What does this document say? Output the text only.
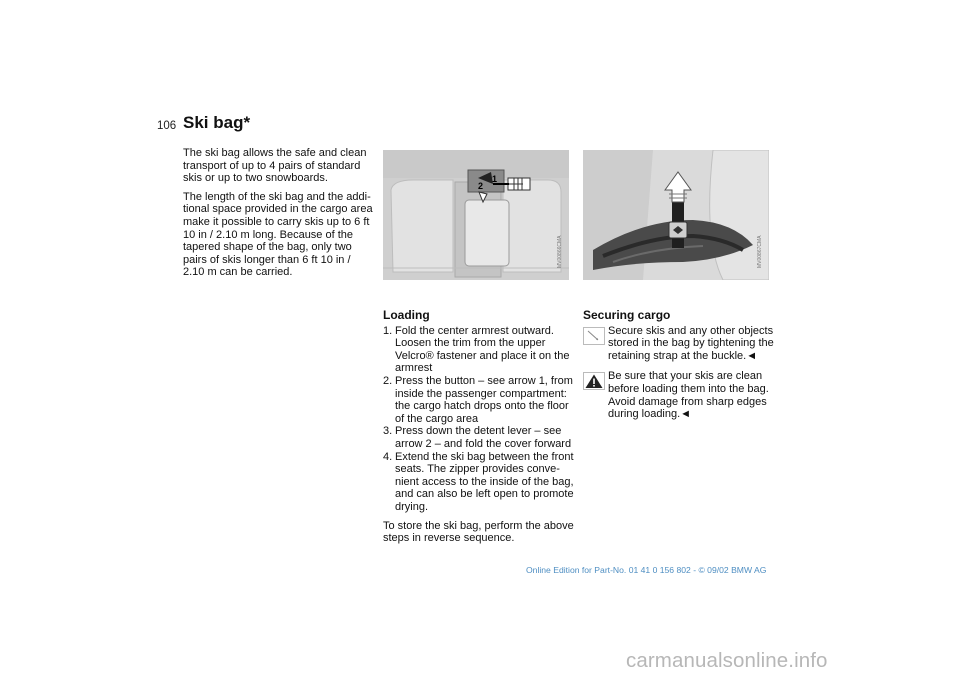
106 Ski bag*

The ski bag allows the safe and clean transport of up to 4 pairs of standard skis or up to two snowboards.

The length of the ski bag and the addi-tional space provided in the cargo area make it possible to carry skis up to 6 ft 10 in / 2.10 m long. Because of the tapered shape of the bag, only two pairs of skis longer than 6 ft 10 in / 2.10 m can be carried.

1
2
MV00866CMA	MV00867CMA
Loading
1. Fold the center armrest outward. Loosen the trim from the upper Velcro® fastener and place it on the armrest
2. Press the button – see arrow 1, from inside the passenger compartment: the cargo hatch drops onto the floor of the cargo area
3. Press down the detent lever – see arrow 2 – and fold the cover forward
4. Extend the ski bag between the front seats. The zipper provides conve-nient access to the inside of the bag, and can also be left open to promote drying.

To store the ski bag, perform the above steps in reverse sequence.

Securing cargo
Secure skis and any other objects stored in the bag by tightening the retaining strap at the buckle.◄
Be sure that your skis are clean before loading them into the bag. Avoid damage from sharp edges during loading.◄
Online Edition for Part-No. 01 41 0 156 802 - © 09/02 BMW AG
carmanualsonline.info
